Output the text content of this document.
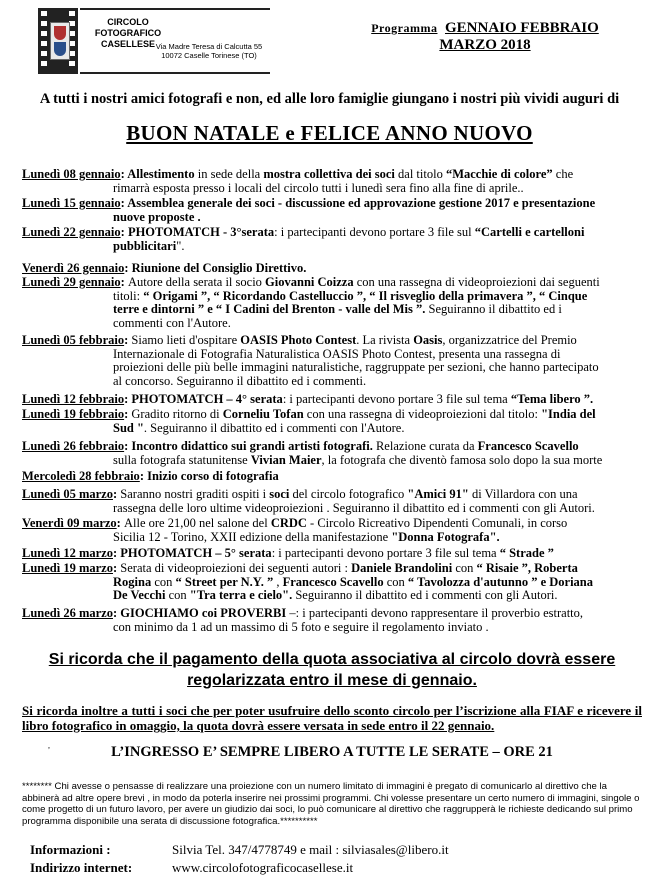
CIRCOLO FOTOGRAFICO CASELLESE Via Madre Teresa di Calcutta 55
10072 Caselle Torinese (TO)
Programma GENNAIO FEBBRAIO
MARZO 2018
A tutti i nostri amici fotografi e non, ed alle loro famiglie giungano i nostri più vividi auguri di
BUON NATALE e FELICE ANNO NUOVO
Lunedì 08 gennaio: Allestimento in sede della mostra collettiva dei soci dal titolo “Macchie di colore” che
rimarrà esposta presso i locali del circolo tutti i lunedì sera fino alla fine di aprile..
Lunedì 15 gennaio: Assemblea generale dei soci - discussione ed approvazione gestione 2017 e presentazione
nuove proposte .
Lunedì 22 gennaio: PHOTOMATCH - 3°serata: i partecipanti devono portare 3 file sul “Cartelli e cartelloni
pubblicitari".
Venerdì 26 gennaio: Riunione del Consiglio Direttivo.
Lunedì 29 gennaio: Autore della serata il socio Giovanni Coizza con una rassegna di videoproiezioni dai seguenti
titoli: “ Origami ”, “ Ricordando Castelluccio ”, “ Il risveglio della primavera ”, “ Cinque
terre e dintorni ” e “ I Cadini del Brenton - valle del Mis ”. Seguiranno il dibattito ed i
commenti con l'Autore.
Lunedì 05 febbraio: Siamo lieti d'ospitare OASIS Photo Contest. La rivista Oasis, organizzatrice del Premio
Internazionale di Fotografia Naturalistica OASIS Photo Contest, presenta una rassegna di
proiezioni delle più belle immagini naturalistiche, raggruppate per sezioni, che hanno partecipato
al concorso. Seguiranno il dibattito ed i commenti.
Lunedì 12 febbraio: PHOTOMATCH – 4° serata: i partecipanti devono portare 3 file sul tema “Tema libero ”.
Lunedì 19 febbraio: Gradito ritorno di Corneliu Tofan con una rassegna di videoproiezioni dal titolo: "India del
Sud ". Seguiranno il dibattito ed i commenti con l'Autore.
Lunedì 26 febbraio: Incontro didattico sui grandi artisti fotografi. Relazione curata da Francesco Scavello
sulla fotografa statunitense Vivian Maier, la fotografa che diventò famosa solo dopo la sua morte
Mercoledì 28 febbraio: Inizio corso di fotografia
Lunedì 05 marzo: Saranno nostri graditi ospiti i soci del circolo fotografico "Amici 91" di Villardora con una
rassegna delle loro ultime videoproiezioni . Seguiranno il dibattito ed i commenti con gli Autori.
Venerdì 09 marzo: Alle ore 21,00 nel salone del CRDC - Circolo Ricreativo Dipendenti Comunali, in corso
Sicilia 12 - Torino, XXII edizione della manifestazione "Donna Fotografa".
Lunedì 12 marzo: PHOTOMATCH – 5° serata: i partecipanti devono portare 3 file sul tema “ Strade ”
Lunedì 19 marzo: Serata di videoproiezioni dei seguenti autori : Daniele Brandolini con “ Risaie ”, Roberta
Rogina con “ Street per N.Y. ” , Francesco Scavello con “ Tavolozza d'autunno ” e Doriana
De Vecchi con "Tra terra e cielo". Seguiranno il dibattito ed i commenti con gli Autori.
Lunedì 26 marzo: GIOCHIAMO coi PROVERBI –: i partecipanti devono rappresentare il proverbio estratto,
con minimo da 1 ad un massimo di 5 foto e seguire il regolamento inviato .
Si ricorda che il pagamento della quota associativa al circolo dovrà essere regolarizzata entro il mese di gennaio.
Si ricorda inoltre a tutti i soci che per poter usufruire dello sconto circolo per l’iscrizione alla FIAF e ricevere il libro fotografico in omaggio, la quota dovrà essere versata in sede entro il 22 gennaio.
,	L’INGRESSO E’ SEMPRE LIBERO A TUTTE LE SERATE – ORE 21
******** Chi avesse o pensasse di realizzare una proiezione con un numero limitato di immagini è pregato di comunicarlo al direttivo che la abbinerà ad altre opere brevi , in modo da poterla inserire nei prossimi programmi. Chi volesse presentare un certo numero di immagini, singole o come progetto di un futuro lavoro, per avere un giudizio dai soci, lo può comunicare al direttivo che raggrupperà le richieste dedicando sul primo programma disponibile una serata di discussione fotografica.**********
Informazioni :	Silvia Tel. 347/4778749 e mail : silviasales@libero.it
Indirizzo internet:	www.circolofotograficocasellese.it
